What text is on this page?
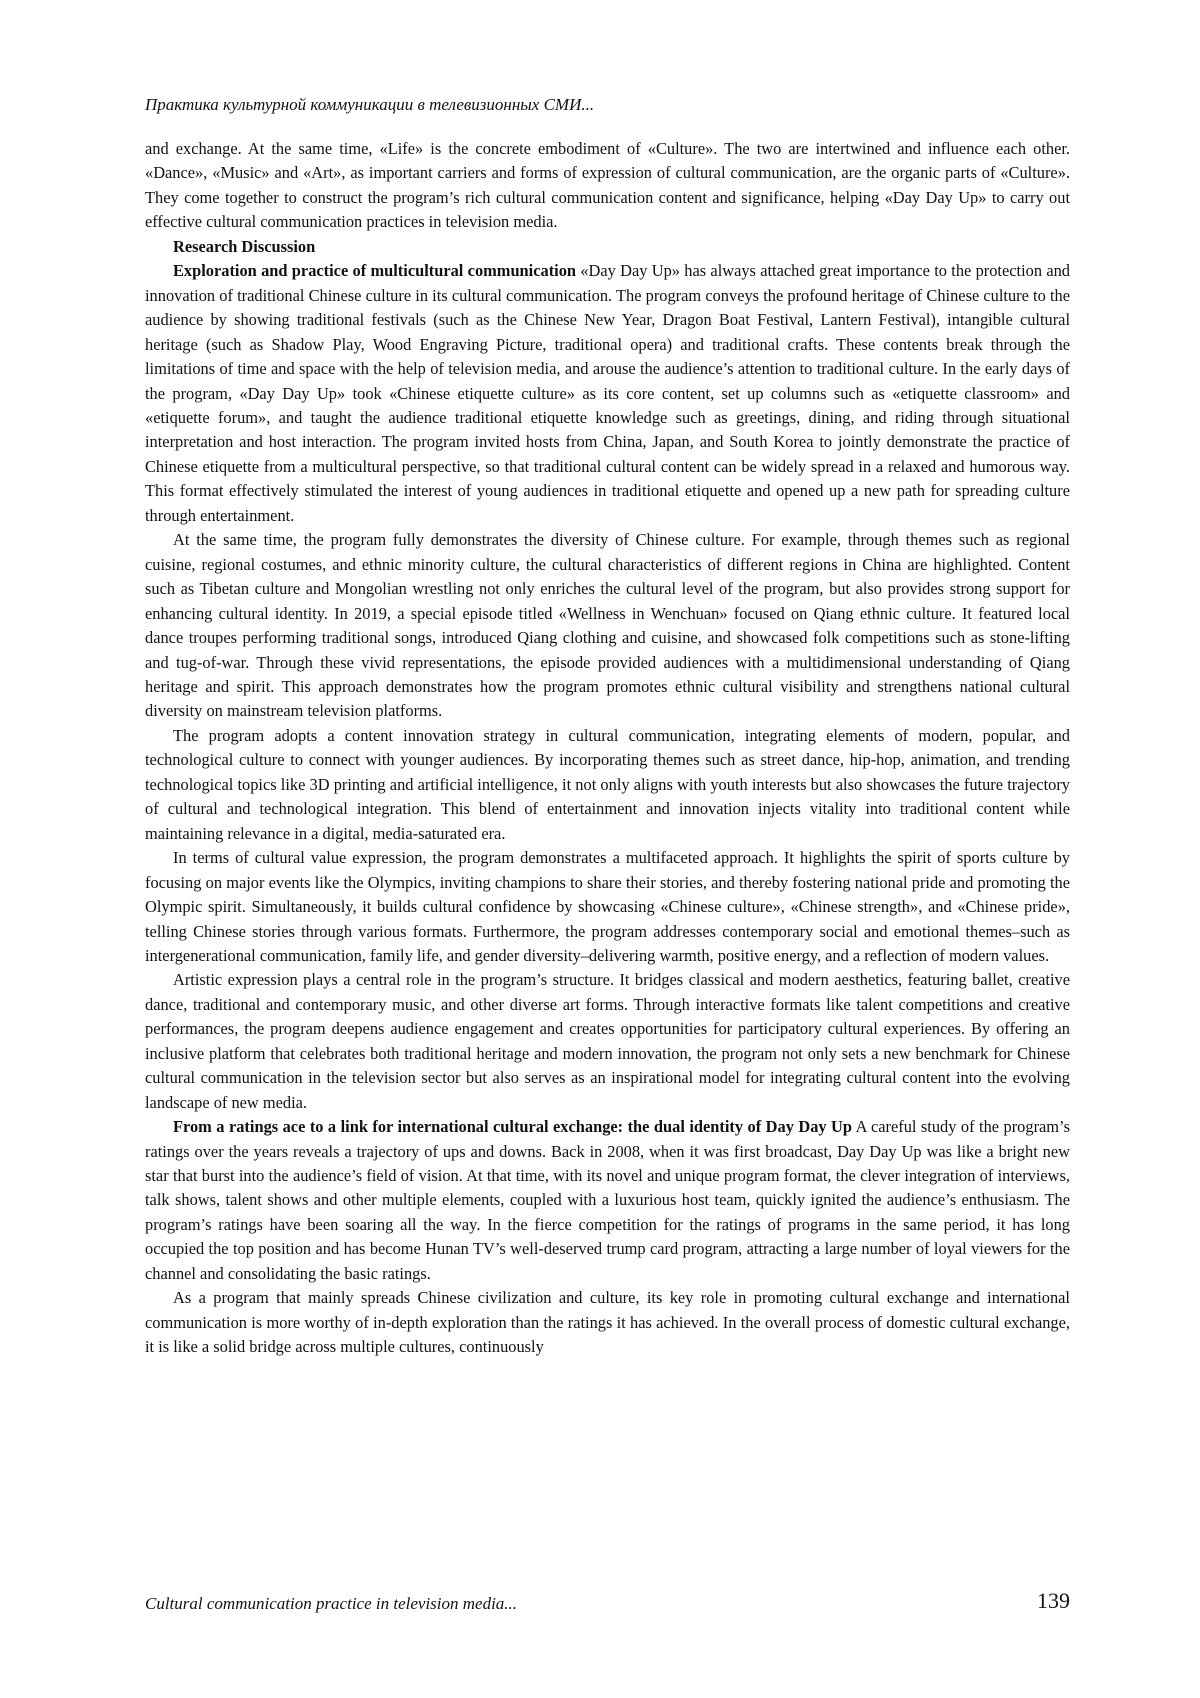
Практика культурной коммуникации в телевизионных СМИ...

and exchange. At the same time, «Life» is the concrete embodiment of «Culture». The two are intertwined and influence each other. «Dance», «Music» and «Art», as important carriers and forms of expression of cultural communication, are the organic parts of «Culture». They come together to construct the program’s rich cultural communication content and significance, helping «Day Day Up» to carry out effective cultural communication practices in television media.

Research Discussion

Exploration and practice of multicultural communication «Day Day Up» has always attached great importance to the protection and innovation of traditional Chinese culture in its cultural communication. The program conveys the profound heritage of Chinese culture to the audience by showing traditional festivals (such as the Chinese New Year, Dragon Boat Festival, Lantern Festival), intangible cultural heritage (such as Shadow Play, Wood Engraving Picture, traditional opera) and traditional crafts. These contents break through the limitations of time and space with the help of television media, and arouse the audience’s attention to traditional culture. In the early days of the program, «Day Day Up» took «Chinese etiquette culture» as its core content, set up columns such as «etiquette classroom» and «etiquette forum», and taught the audience traditional etiquette knowledge such as greetings, dining, and riding through situational interpretation and host interaction. The program invited hosts from China, Japan, and South Korea to jointly demonstrate the practice of Chinese etiquette from a multicultural perspective, so that traditional cultural content can be widely spread in a relaxed and humorous way. This format effectively stimulated the interest of young audiences in traditional etiquette and opened up a new path for spreading culture through entertainment.

At the same time, the program fully demonstrates the diversity of Chinese culture. For example, through themes such as regional cuisine, regional costumes, and ethnic minority culture, the cultural characteristics of different regions in China are highlighted. Content such as Tibetan culture and Mongolian wrestling not only enriches the cultural level of the program, but also provides strong support for enhancing cultural identity. In 2019, a special episode titled «Wellness in Wenchuan» focused on Qiang ethnic culture. It featured local dance troupes performing traditional songs, introduced Qiang clothing and cuisine, and showcased folk competitions such as stone-lifting and tug-of-war. Through these vivid representations, the episode provided audiences with a multidimensional understanding of Qiang heritage and spirit. This approach demonstrates how the program promotes ethnic cultural visibility and strengthens national cultural diversity on mainstream television platforms.

The program adopts a content innovation strategy in cultural communication, integrating elements of modern, popular, and technological culture to connect with younger audiences. By incorporating themes such as street dance, hip-hop, animation, and trending technological topics like 3D printing and artificial intelligence, it not only aligns with youth interests but also showcases the future trajectory of cultural and technological integration. This blend of entertainment and innovation injects vitality into traditional content while maintaining relevance in a digital, media-saturated era.

In terms of cultural value expression, the program demonstrates a multifaceted approach. It highlights the spirit of sports culture by focusing on major events like the Olympics, inviting champions to share their stories, and thereby fostering national pride and promoting the Olympic spirit. Simultaneously, it builds cultural confidence by showcasing «Chinese culture», «Chinese strength», and «Chinese pride», telling Chinese stories through various formats. Furthermore, the program addresses contemporary social and emotional themes–such as intergenerational communication, family life, and gender diversity–delivering warmth, positive energy, and a reflection of modern values.

Artistic expression plays a central role in the program’s structure. It bridges classical and modern aesthetics, featuring ballet, creative dance, traditional and contemporary music, and other diverse art forms. Through interactive formats like talent competitions and creative performances, the program deepens audience engagement and creates opportunities for participatory cultural experiences. By offering an inclusive platform that celebrates both traditional heritage and modern innovation, the program not only sets a new benchmark for Chinese cultural communication in the television sector but also serves as an inspirational model for integrating cultural content into the evolving landscape of new media.

From a ratings ace to a link for international cultural exchange: the dual identity of Day Day Up A careful study of the program’s ratings over the years reveals a trajectory of ups and downs. Back in 2008, when it was first broadcast, Day Day Up was like a bright new star that burst into the audience’s field of vision. At that time, with its novel and unique program format, the clever integration of interviews, talk shows, talent shows and other multiple elements, coupled with a luxurious host team, quickly ignited the audience’s enthusiasm. The program’s ratings have been soaring all the way. In the fierce competition for the ratings of programs in the same period, it has long occupied the top position and has become Hunan TV’s well-deserved trump card program, attracting a large number of loyal viewers for the channel and consolidating the basic ratings.

As a program that mainly spreads Chinese civilization and culture, its key role in promoting cultural exchange and international communication is more worthy of in-depth exploration than the ratings it has achieved. In the overall process of domestic cultural exchange, it is like a solid bridge across multiple cultures, continuously

Cultural communication practice in television media...	139
